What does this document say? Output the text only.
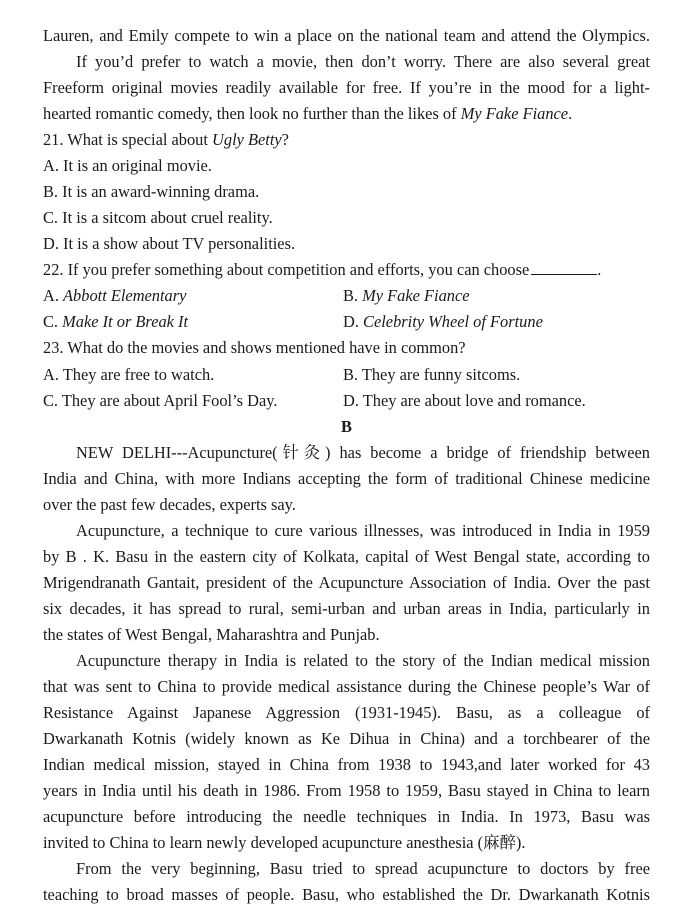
Lauren, and Emily compete to win a place on the national team and attend the Olympics.
If you’d prefer to watch a movie, then don’t worry. There are also several great
Freeform original movies readily available for free. If you’re in the mood for a light-
hearted romantic comedy, then look no further than the likes of My Fake Fiance.
21. What is special about Ugly Betty?
A. It is an original movie.
B. It is an award-winning drama.
C. It is a sitcom about cruel reality.
D. It is a show about TV personalities.
22. If you prefer something about competition and efforts, you can choose	.
A. Abbott Elementary	B. My Fake Fiance
C. Make It or Break It	D. Celebrity Wheel of Fortune
23. What do the movies and shows mentioned have in common?
A. They are free to watch.	B. They are funny sitcoms.
C. They are about April Fool’s Day.	D. They are about love and romance.
B
NEW DELHI---Acupuncture(针灸) has become a bridge of friendship between
India and China, with more Indians accepting the form of traditional Chinese medicine
over the past few decades, experts say.
Acupuncture, a technique to cure various illnesses, was introduced in India in 1959
by B . K. Basu in the eastern city of Kolkata, capital of West Bengal state, according to
Mrigendranath Gantait, president of the Acupuncture Association of India. Over the past
six decades, it has spread to rural, semi-urban and urban areas in India, particularly in
the states of West Bengal, Maharashtra and Punjab.
Acupuncture therapy in India is related to the story of the Indian medical mission
that was sent to China to provide medical assistance during the Chinese people’s War of
Resistance Against Japanese Aggression (1931-1945). Basu, as a colleague of
Dwarkanath Kotnis (widely known as Ke Dihua in China) and a torchbearer of the
Indian medical mission, stayed in China from 1938 to 1943,and later worked for 43
years in India until his death in 1986. From 1958 to 1959, Basu stayed in China to learn
acupuncture before introducing the needle techniques in India. In 1973, Basu was
invited to China to learn newly developed acupuncture anesthesia (麻醉).
From the very beginning, Basu tried to spread acupuncture to doctors by free
teaching to broad masses of people. Basu, who established the Dr. Dwarkanath Kotnis
